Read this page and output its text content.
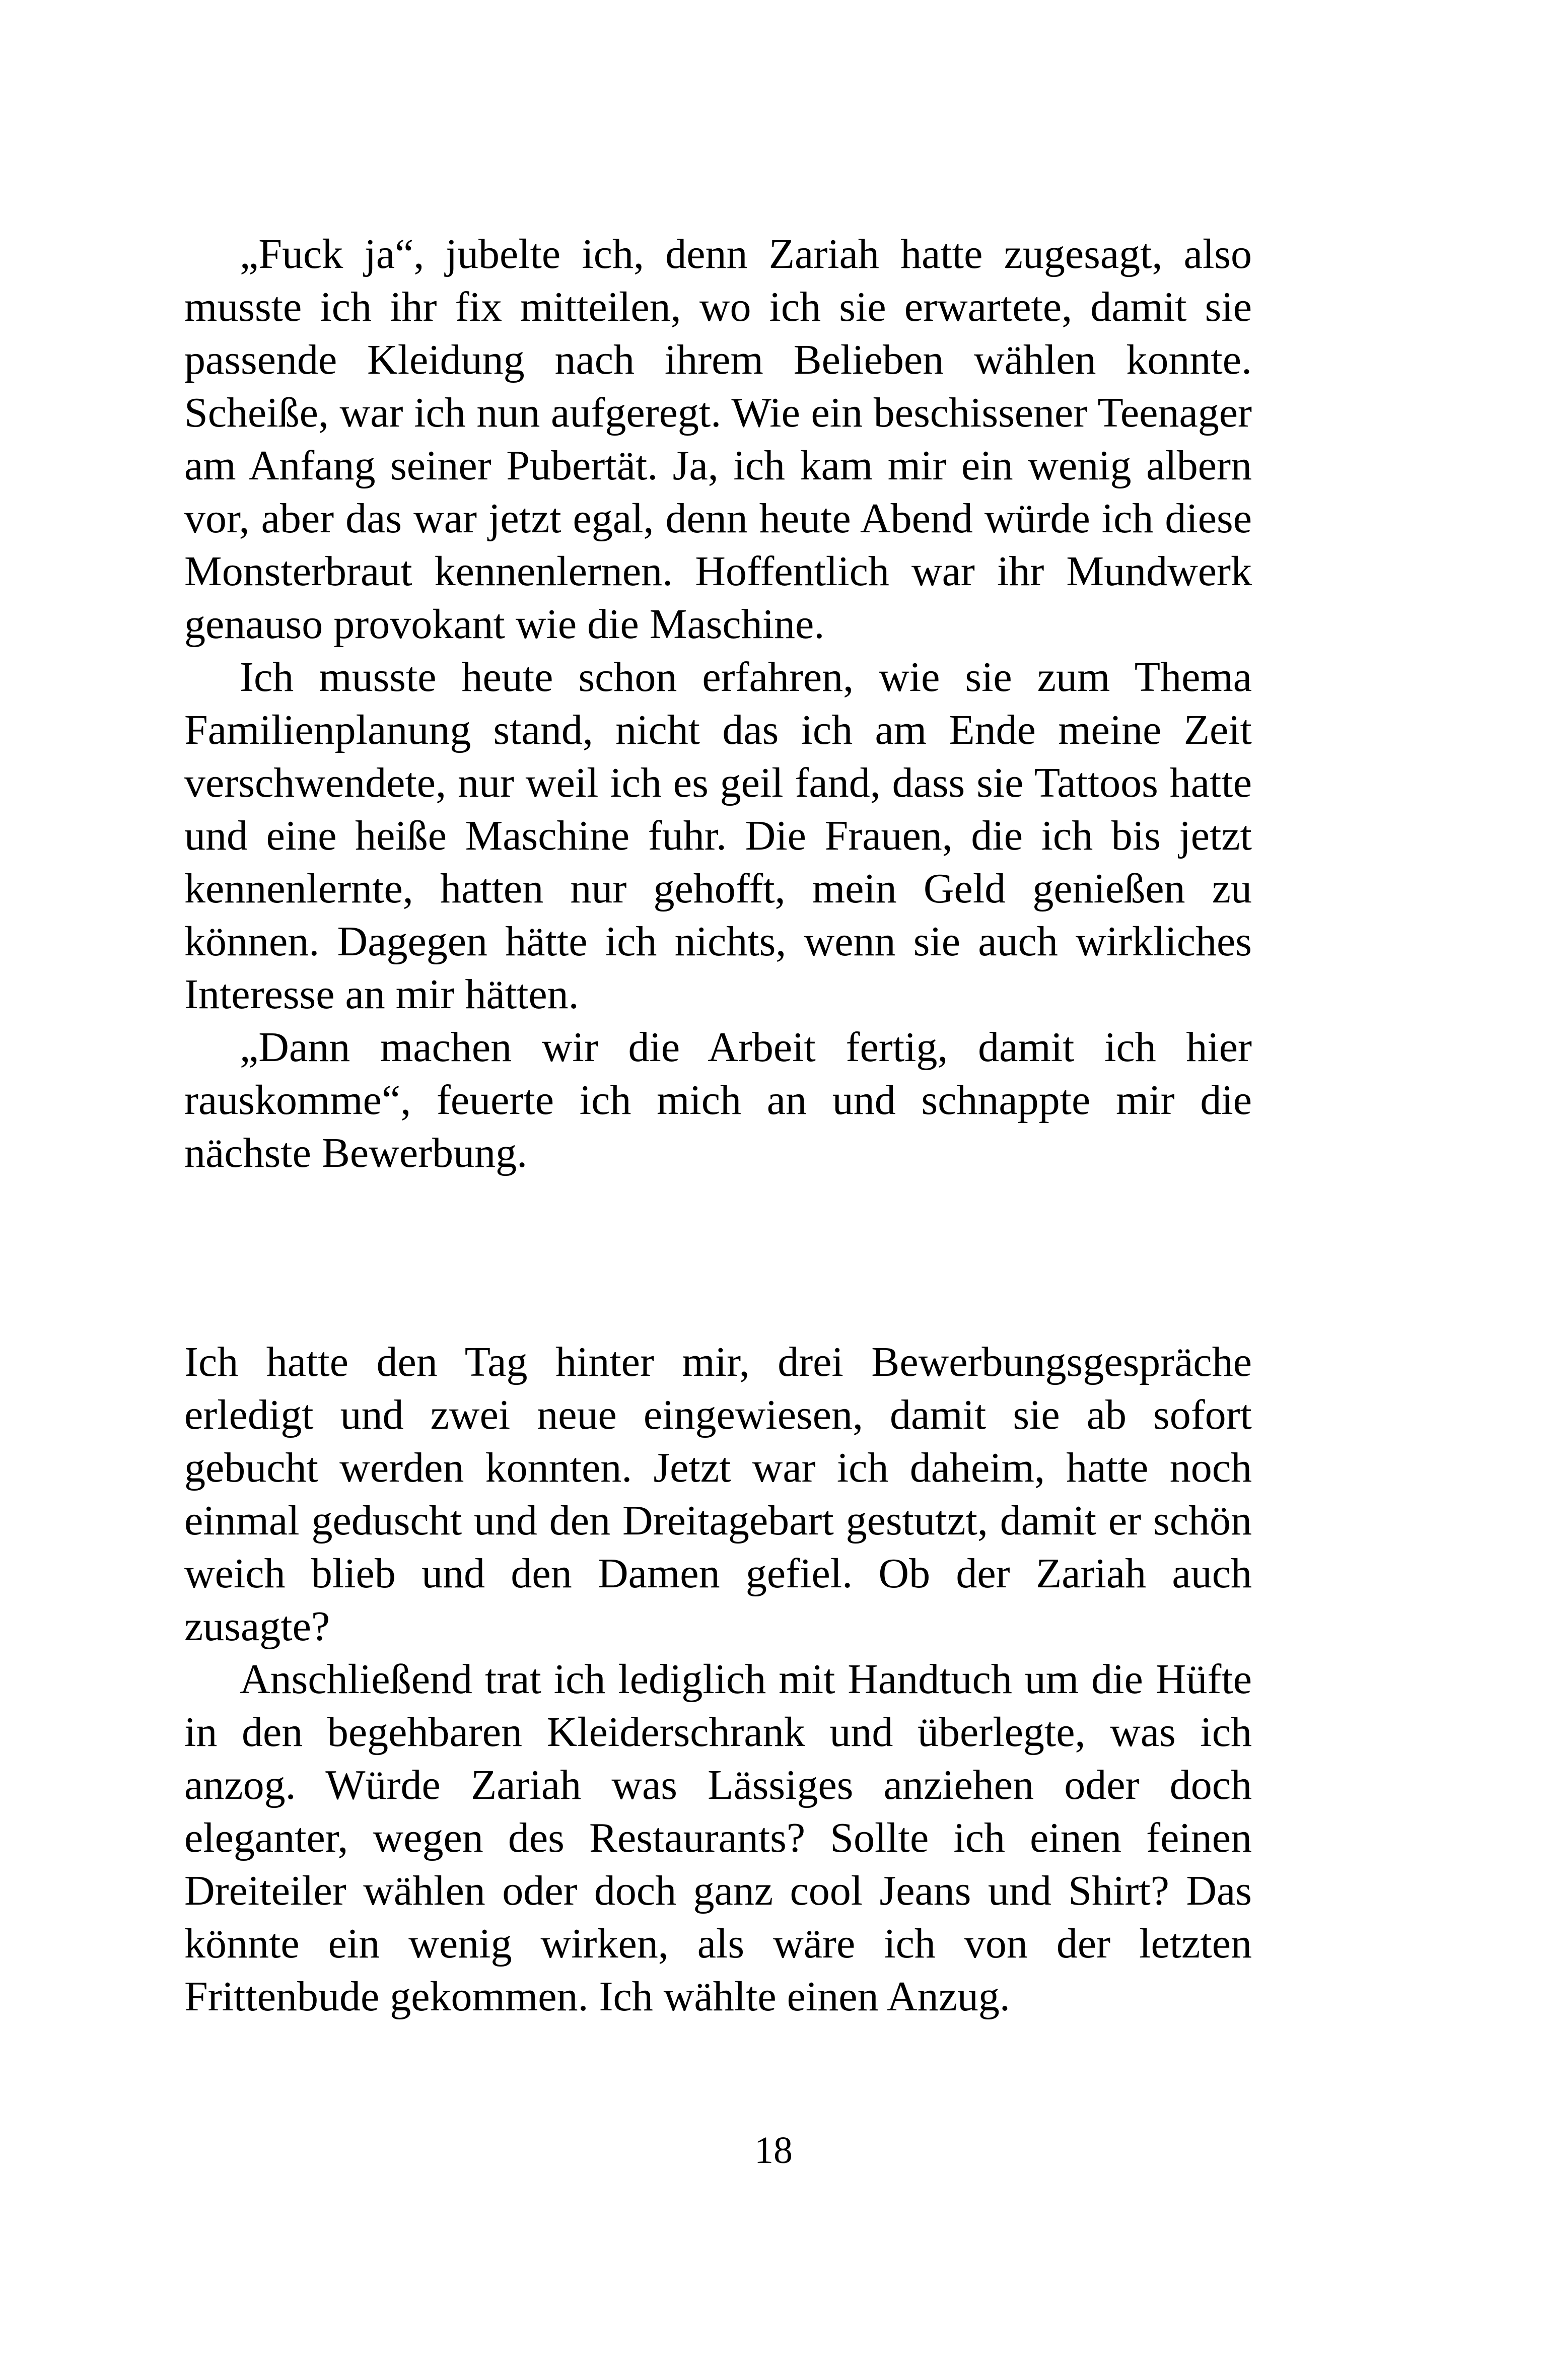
„Fuck ja“, jubelte ich, denn Zariah hatte zugesagt, also musste ich ihr fix mitteilen, wo ich sie erwartete, damit sie passende Kleidung nach ihrem Belieben wählen konnte. Scheiße, war ich nun aufgeregt. Wie ein beschissener Teenager am Anfang seiner Pubertät. Ja, ich kam mir ein wenig albern vor, aber das war jetzt egal, denn heute Abend würde ich diese Monsterbraut kennenlernen. Hoffentlich war ihr Mundwerk genauso provokant wie die Maschine.

Ich musste heute schon erfahren, wie sie zum Thema Familienplanung stand, nicht das ich am Ende meine Zeit verschwendete, nur weil ich es geil fand, dass sie Tattoos hatte und eine heiße Maschine fuhr. Die Frauen, die ich bis jetzt kennenlernte, hatten nur gehofft, mein Geld genießen zu können. Dagegen hätte ich nichts, wenn sie auch wirkliches Interesse an mir hätten.

„Dann machen wir die Arbeit fertig, damit ich hier rauskomme“, feuerte ich mich an und schnappte mir die nächste Bewerbung.

Ich hatte den Tag hinter mir, drei Bewerbungsgespräche erledigt und zwei neue eingewiesen, damit sie ab sofort gebucht werden konnten. Jetzt war ich daheim, hatte noch einmal geduscht und den Dreitagebart gestutzt, damit er schön weich blieb und den Damen gefiel. Ob der Zariah auch zusagte?

Anschließend trat ich lediglich mit Handtuch um die Hüfte in den begehbaren Kleiderschrank und überlegte, was ich anzog. Würde Zariah was Lässiges anziehen oder doch eleganter, wegen des Restaurants? Sollte ich einen feinen Dreiteiler wählen oder doch ganz cool Jeans und Shirt? Das könnte ein wenig wirken, als wäre ich von der letzten Frittenbude gekommen. Ich wählte einen Anzug.

18
